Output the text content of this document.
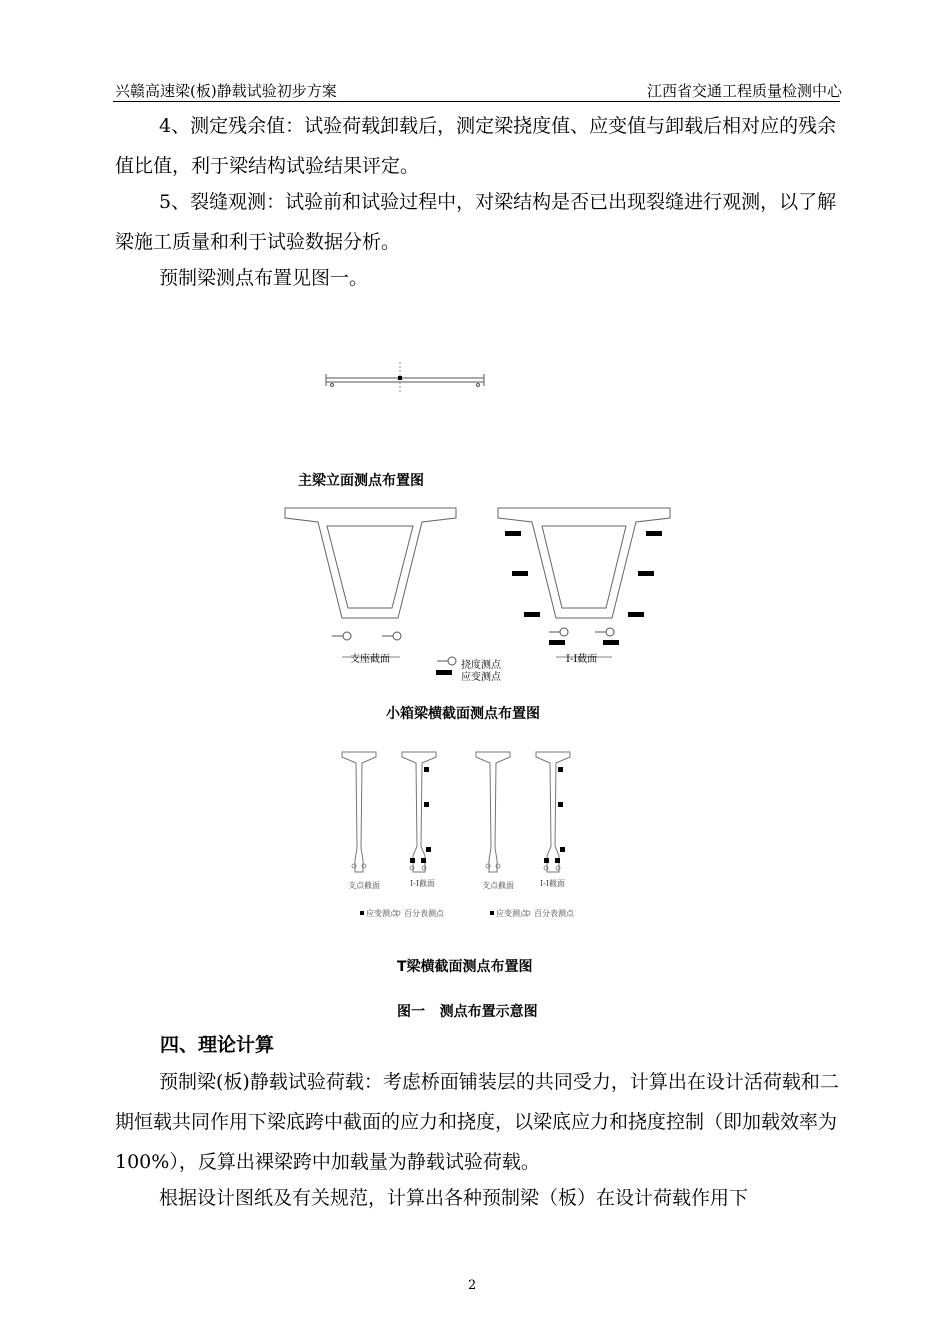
兴赣高速梁(板)静载试验初步方案	江西省交通工程质量检测中心
4、测定残余值：试验荷载卸载后，测定梁挠度值、应变值与卸载后相对应的残余值比值，利于梁结构试验结果评定。
5、裂缝观测：试验前和试验过程中，对梁结构是否已出现裂缝进行观测，以了解梁施工质量和利于试验数据分析。
预制梁测点布置见图一。
主梁立面测点布置图
支座截面	I-I截面
挠度测点
应变测点
小箱梁横截面测点布置图
支点截面	I-I截面	支点截面	I-I截面
应变测点 百分表测点	应变测点 百分表测点
T梁横截面测点布置图
图一   测点布置示意图
四、理论计算
预制梁(板)静载试验荷载：考虑桥面铺装层的共同受力，计算出在设计活荷载和二期恒载共同作用下梁底跨中截面的应力和挠度，以梁底应力和挠度控制（即加载效率为100%），反算出裸梁跨中加载量为静载试验荷载。
根据设计图纸及有关规范，计算出各种预制梁（板）在设计荷载作用下
2
